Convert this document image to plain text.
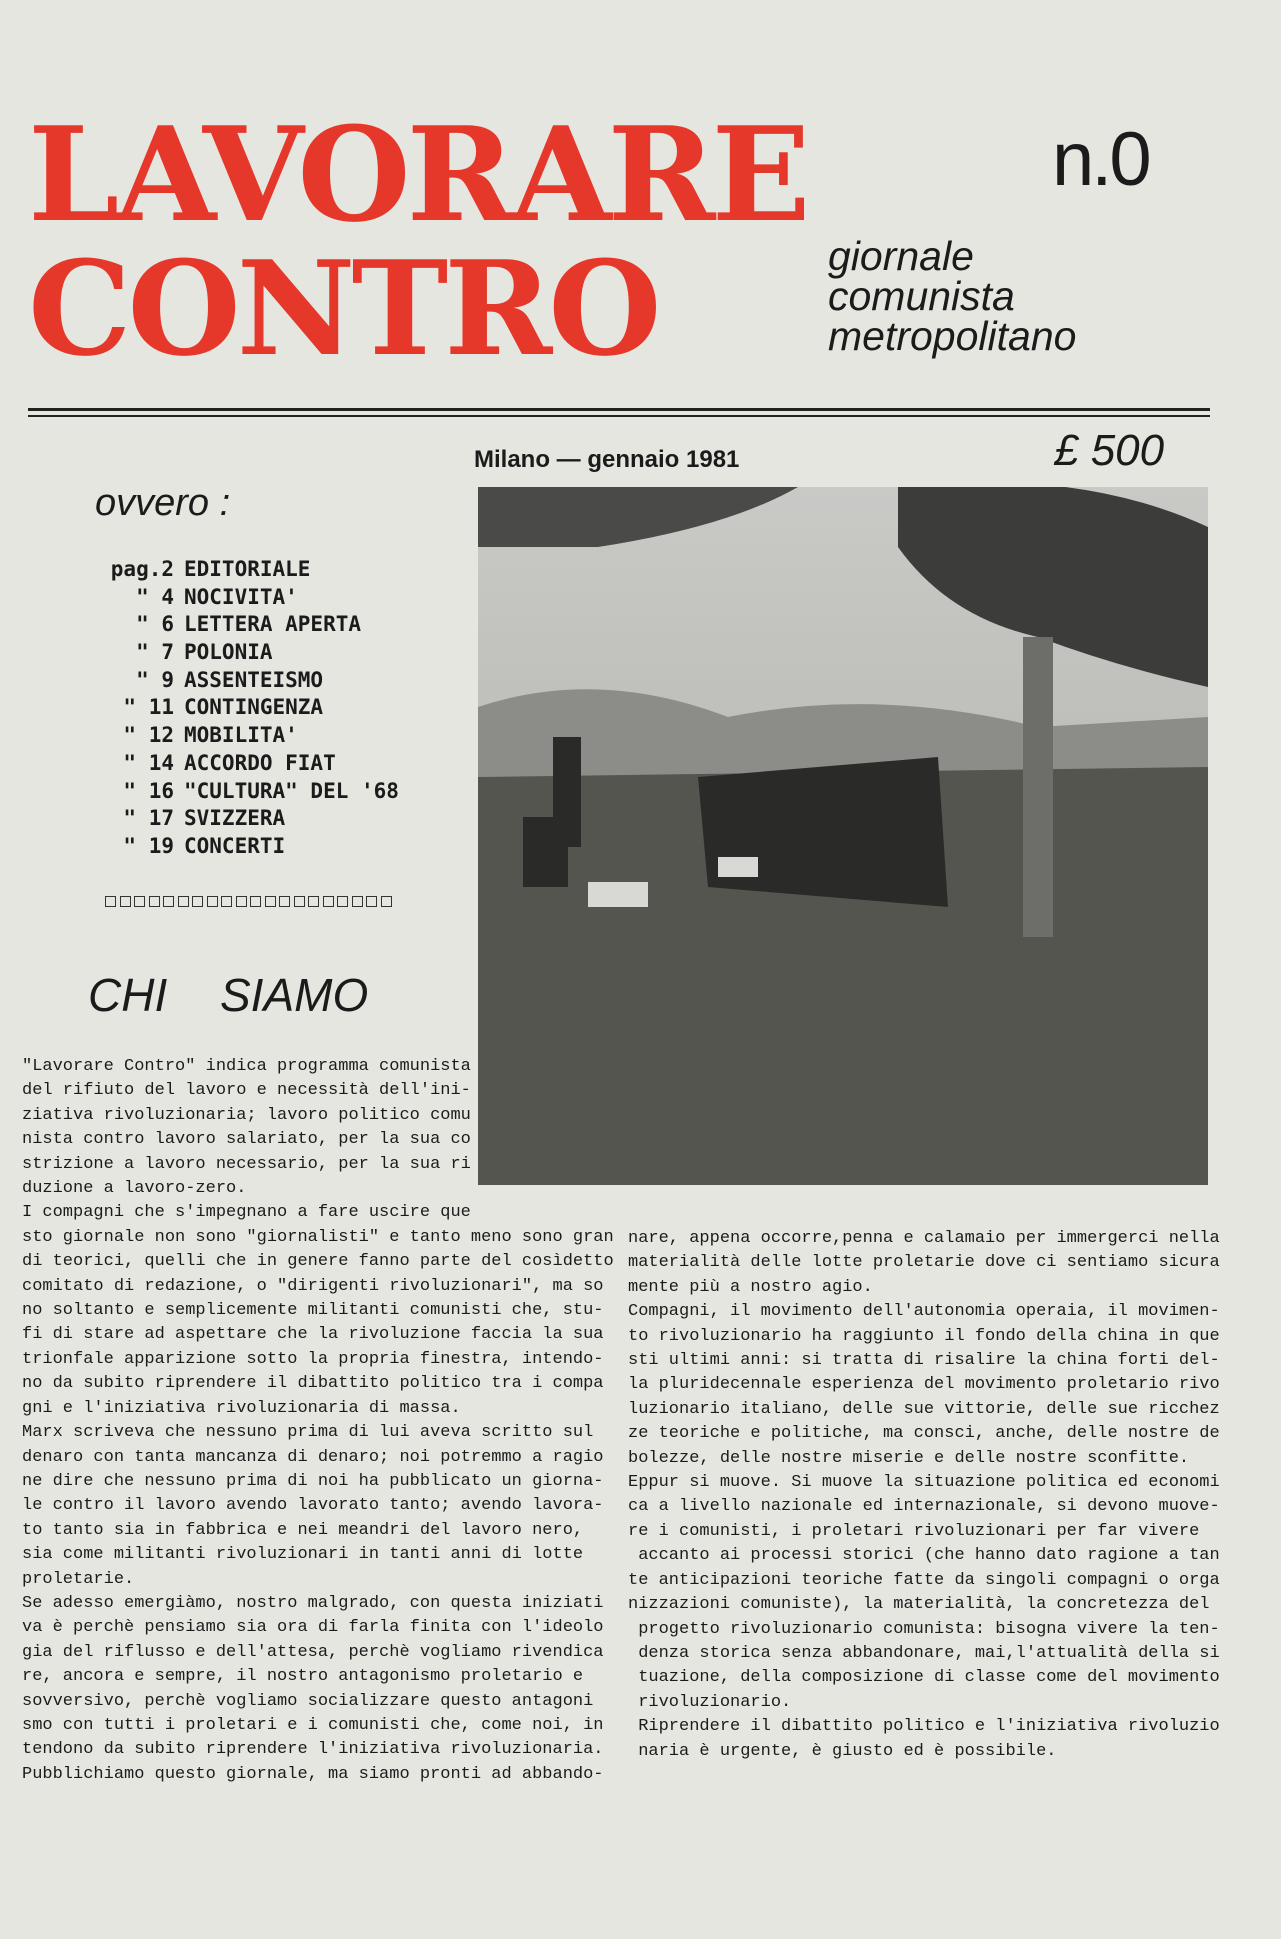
LAVORARE
CONTRO
n.0
giornale
comunista
metropolitano
Milano — gennaio 1981	£ 500
ovvero :
pag.2 EDITORIALE
" 4 NOCIVITA'
" 6 LETTERA APERTA
" 7 POLONIA
" 9 ASSENTEISMO
" 11 CONTINGENZA
" 12 MOBILITA'
" 14 ACCORDO FIAT
" 16 "CULTURA" DEL '68
" 17 SVIZZERA
" 19 CONCERTI
CHI SIAMO
"Lavorare Contro" indica programma comunista
del rifiuto del lavoro e necessità dell'ini-
ziativa rivoluzionaria; lavoro politico comu
nista contro lavoro salariato, per la sua co
strizione a lavoro necessario, per la sua ri
duzione a lavoro-zero.
I compagni che s'impegnano a fare uscire que
sto giornale non sono "giornalisti" e tanto meno sono gran
di teorici, quelli che in genere fanno parte del cosìdetto
comitato di redazione, o "dirigenti rivoluzionari", ma so
no soltanto e semplicemente militanti comunisti che, stu-
fi di stare ad aspettare che la rivoluzione faccia la sua
trionfale apparizione sotto la propria finestra, intendo-
no da subito riprendere il dibattito politico tra i compa
gni e l'iniziativa rivoluzionaria di massa.
Marx scriveva che nessuno prima di lui aveva scritto sul
denaro con tanta mancanza di denaro; noi potremmo a ragio
ne dire che nessuno prima di noi ha pubblicato un giorna-
le contro il lavoro avendo lavorato tanto; avendo lavora-
to tanto sia in fabbrica e nei meandri del lavoro nero,
sia come militanti rivoluzionari in tanti anni di lotte
proletarie.
Se adesso emergiàmo, nostro malgrado, con questa iniziati
va è perchè pensiamo sia ora di farla finita con l'ideolo
gia del riflusso e dell'attesa, perchè vogliamo rivendica
re, ancora e sempre, il nostro antagonismo proletario e
sovversivo, perchè vogliamo socializzare questo antagoni
smo con tutti i proletari e i comunisti che, come noi, in
tendono da subito riprendere l'iniziativa rivoluzionaria.
Pubblichiamo questo giornale, ma siamo pronti ad abbando-
nare, appena occorre,penna e calamaio per immergerci nella
materialità delle lotte proletarie dove ci sentiamo sicura
mente più a nostro agio.
Compagni, il movimento dell'autonomia operaia, il movimen-
to rivoluzionario ha raggiunto il fondo della china in que
sti ultimi anni: si tratta di risalire la china forti del-
la pluridecennale esperienza del movimento proletario rivo
luzionario italiano, delle sue vittorie, delle sue ricchez
ze teoriche e politiche, ma consci, anche, delle nostre de
bolezze, delle nostre miserie e delle nostre sconfitte.
Eppur si muove. Si muove la situazione politica ed economi
ca a livello nazionale ed internazionale, si devono muove-
re i comunisti, i proletari rivoluzionari per far vivere
accanto ai processi storici (che hanno dato ragione a tan
te anticipazioni teoriche fatte da singoli compagni o orga
nizzazioni comuniste), la materialità, la concretezza del
progetto rivoluzionario comunista: bisogna vivere la ten-
denza storica senza abbandonare, mai,l'attualità della si
tuazione, della composizione di classe come del movimento
rivoluzionario.
Riprendere il dibattito politico e l'iniziativa rivoluzio
naria è urgente, è giusto ed è possibile.
